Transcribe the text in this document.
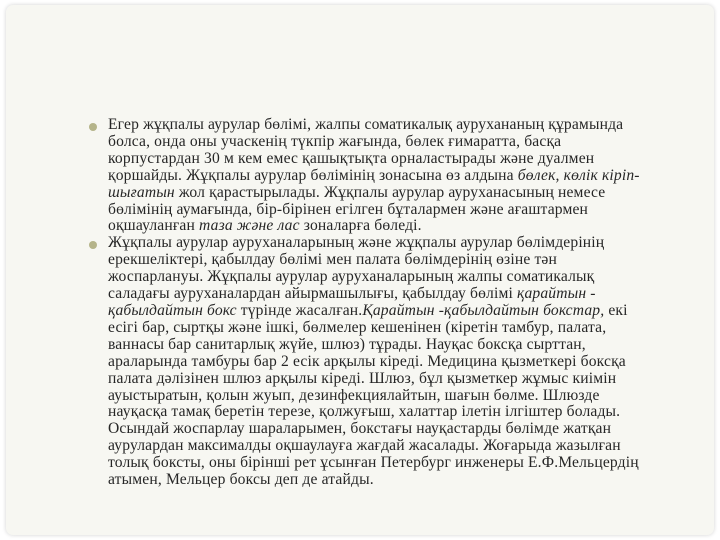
Егер жұқпалы аурулар бөлімі, жалпы соматикалық аурухананың құрамында
болса, онда оны учаскенің түкпір жағында, бөлек ғимаратта, басқа
корпустардан 30 м кем емес қашықтықта орналастырады және дуалмен
қоршайды. Жұқпалы аурулар бөлімінің зонасына өз алдына бөлек, көлік кіріп-
шығатын жол қарастырылады. Жұқпалы аурулар ауруханасының немесе
бөлімінің аумағында, бір-бірінен егілген бұталармен және ағаштармен
оқшауланған таза және лас зоналарға бөледі.
Жұқпалы аурулар ауруханаларының және жұқпалы аурулар бөлімдерінің
ерекшеліктері, қабылдау бөлімі мен палата бөлімдерінің өзіне тән
жоспарлануы. Жұқпалы аурулар ауруханаларының жалпы соматикалық
саладағы ауруханалардан айырмашылығы, қабылдау бөлімі қарайтын -
қабылдайтын бокс түрінде жасалған.Қарайтын -қабылдайтын бокстар, екі
есігі бар, сыртқы және ішкі, бөлмелер кешенінен (кіретін тамбур, палата,
ваннасы бар санитарлық жүйе, шлюз) тұрады. Науқас боксқа сырттан,
араларында тамбуры бар 2 есік арқылы кіреді. Медицина қызметкері боксқа
палата дәлізінен шлюз арқылы кіреді. Шлюз, бұл қызметкер жұмыс киімін
ауыстыратын, қолын жуып, дезинфекциялайтын, шағын бөлме. Шлюзде
науқасқа тамақ беретін терезе, қолжуғыш, халаттар ілетін ілгіштер болады.
Осындай жоспарлау шараларымен, бокстағы науқастарды бөлімде жатқан
аурулардан максималды оқшаулауға жағдай жасалады. Жоғарыда жазылған
толық боксты, оны бірінші рет ұсынған Петербург инженеры Е.Ф.Мельцердің
атымен, Мельцер боксы деп де атайды.
